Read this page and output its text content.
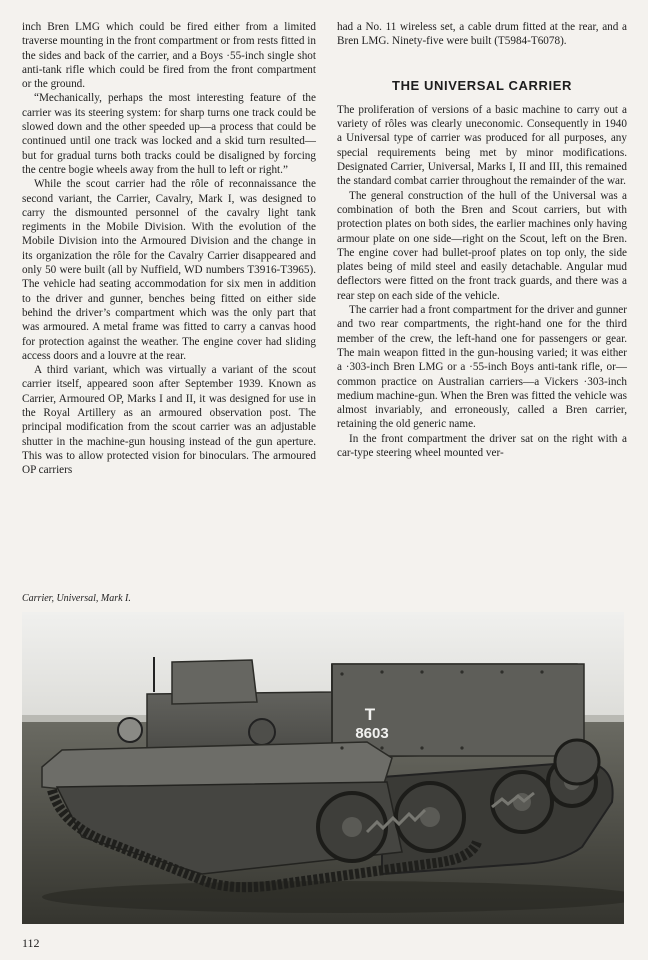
inch Bren LMG which could be fired either from a limited traverse mounting in the front compartment or from rests fitted in the sides and back of the carrier, and a Boys ·55-inch single shot anti-tank rifle which could be fired from the front compartment or the ground.

“Mechanically, perhaps the most interesting feature of the carrier was its steering system: for sharp turns one track could be slowed down and the other speeded up—a process that could be continued until one track was locked and a skid turn resulted—but for gradual turns both tracks could be disaligned by forcing the centre bogie wheels away from the hull to left or right.”

While the scout carrier had the rôle of reconnaissance the second variant, the Carrier, Cavalry, Mark I, was designed to carry the dismounted personnel of the cavalry light tank regiments in the Mobile Division. With the evolution of the Mobile Division into the Armoured Division and the change in its organization the rôle for the Cavalry Carrier disappeared and only 50 were built (all by Nuffield, WD numbers T3916-T3965). The vehicle had seating accommodation for six men in addition to the driver and gunner, benches being fitted on either side behind the driver’s compartment which was the only part that was armoured. A metal frame was fitted to carry a canvas hood for protection against the weather. The engine cover had sliding access doors and a louvre at the rear.

A third variant, which was virtually a variant of the scout carrier itself, appeared soon after September 1939. Known as Carrier, Armoured OP, Marks I and II, it was designed for use in the Royal Artillery as an armoured observation post. The principal modification from the scout carrier was an adjustable shutter in the machine-gun housing instead of the gun aperture. This was to allow protected vision for binoculars. The armoured OP carriers

had a No. 11 wireless set, a cable drum fitted at the rear, and a Bren LMG. Ninety-five were built (T5984-T6078).

THE UNIVERSAL CARRIER

The proliferation of versions of a basic machine to carry out a variety of rôles was clearly uneconomic. Consequently in 1940 a Universal type of carrier was produced for all purposes, any special requirements being met by minor modifications. Designated Carrier, Universal, Marks I, II and III, this remained the standard combat carrier throughout the remainder of the war.

The general construction of the hull of the Universal was a combination of both the Bren and Scout carriers, but with protection plates on both sides, the earlier machines only having armour plate on one side—right on the Scout, left on the Bren. The engine cover had bullet-proof plates on top only, the side plates being of mild steel and easily detachable. Angular mud deflectors were fitted on the front track guards, and there was a rear step on each side of the vehicle.

The carrier had a front compartment for the driver and gunner and two rear compartments, the right-hand one for the third member of the crew, the left-hand one for passengers or gear. The main weapon fitted in the gun-housing varied; it was either a ·303-inch Bren LMG or a ·55-inch Boys anti-tank rifle, or—common practice on Australian carriers—a Vickers ·303-inch medium machine-gun. When the Bren was fitted the vehicle was almost invariably, and erroneously, called a Bren carrier, retaining the old generic name.

In the front compartment the driver sat on the right with a car-type steering wheel mounted ver-

Carrier, Universal, Mark I.
T
8603
112
